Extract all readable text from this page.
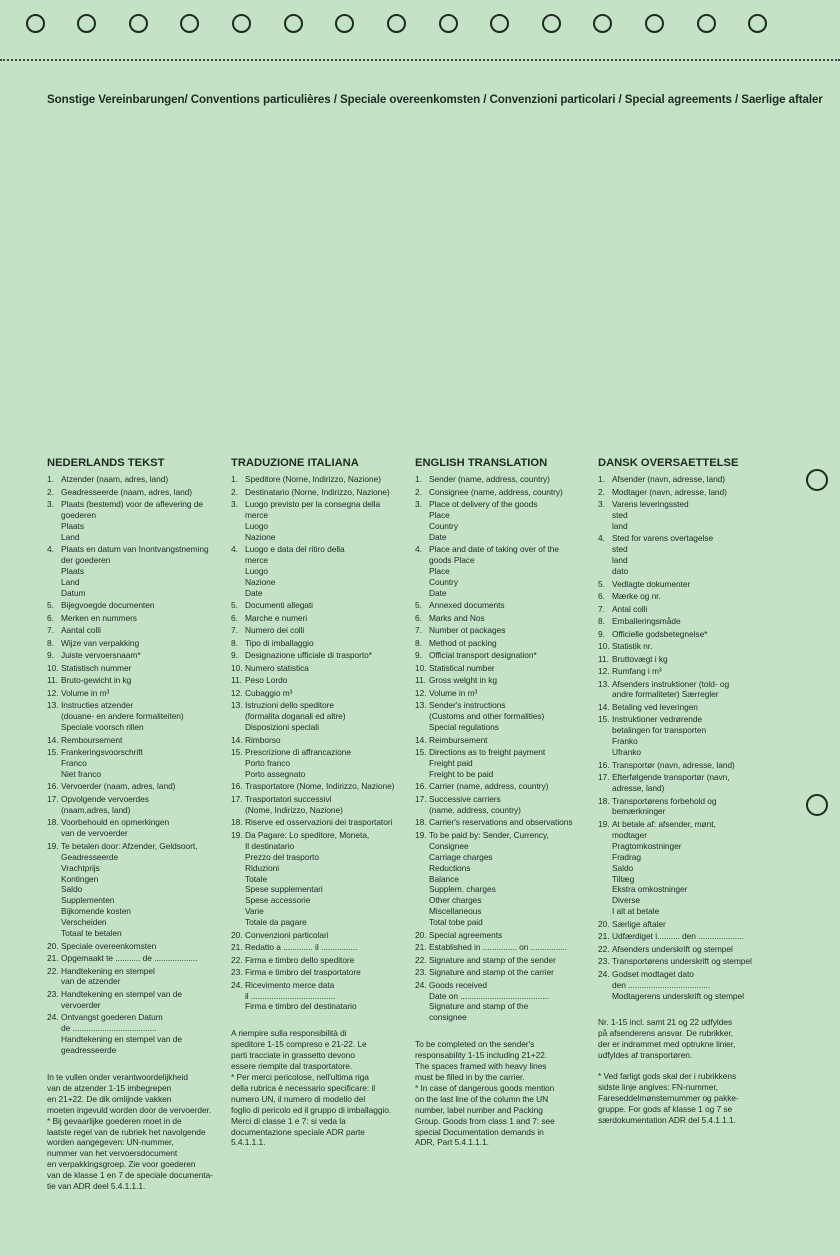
Sonstige Vereinbarungen/ Conventions particulières / Speciale overeenkomsten / Convenzioni particolari / Special agreements / Saerlige aftaler
NEDERLANDS TEKST
1. Atzender (naam, adres, land)
2. Geadresseerde (naam, adres, land)
3. Plaats (bestemd) voor de aflevering de
goederen
Plaats
Land
4. Plaats en datum van Inontvangstneming
der goederen
Plaats
Land
Datum
5. Bijegvoegde documenten
6. Merken en nummers
7. Aantal colli
8. Wijze van verpakking
9. Juiste vervoersnaam*
10. Statistisch nummer
11. Bruto-gewicht in kg
12. Volume in m³
13. Instructies atzender
(douane- en andere formaliteiten)
Speciale voorsch rillen
14. Remboursement
15. Frankeringsvoorschrift
Franco
Niet franco
16. Vervoerder (naam, adres, land)
17. Opvolgende vervoerdes
(naam,adres, land)
18. Voorbehould en opmerkingen
van de vervoerder
19. Te betalen door: Afzender, Geldsoort,
Geadresseerde
Vrachtprijs
Kontingen
Saldo
Supplementen
Bijkomende kosten
Verscheiden
Totaal te betalen
20. Speciale overeenkomsten
21. Opgemaakt te ........... de ...................
22. Handtekening en stempel
van de atzender
23. Handtekening en stempel van de
vervoerder
24. Ontvangst goederen Datum
de .....................................
Handtekening en stempel van de
geadresseerde
In te vullen onder verantwoordelijkheid
van de atzender 1-15 imbegrepen
en 21+22. De dik omlijnde vakken
moeten ingevuld worden door de vervoerder.
* Bij gevaarlijke goederen moet in de
laatste regel van de rubriek het navolgende
worden aangegeven: UN-nummer,
nummer van het vervoersdocument
en verpakkingsgroep. Zie voor goederen
van de klasse 1 en 7 de speciale documenta-
tie van ADR deel 5.4.1.1.1.
TRADUZIONE ITALIANA
1. Speditore (Norne, Indirizzo, Nazione)
2. Destinatario (Norne, Indirizzo, Nazione)
3. Luogo previsto per la consegna della
merce
Luogo
Nazione
4. Luogo e data del ritiro della
merce
Luogo
Nazione
Date
5. Documenti allegati
6. Marche e numeri
7. Numero dei colli
8. Tipo di imballaggio
9. Designazione ufficiale di trasporto*
10. Numero statistica
11. Peso Lordo
12. Cubaggio m³
13. Istruzioni dello speditore
(formalita doganali ed altre)
Disposizioni speclali
14. Rimborso
15. Prescrizione di affrancazione
Porto franco
Porto assegnato
16. Trasportatore (Nome, Indirizzo, Nazione)
17. Trasportatori successivi
(Nome, Indirizzo, Nazione)
18. Riserve ed osservazioni dei trasportatori
19. Da Pagare: Lo speditore, Moneta,
Il destinatario
Prezzo del trasporto
Riduzioni
Totale
Spese supplementari
Spese accessorie
Varie
Totale da pagare
20. Convenzioni particolari
21. Redatto a ............. il ................
22. Firma e timbro dello speditore
23. Firma e timbro del trasportatore
24. Ricevimento merce data
il .....................................
Firma e timbro del destinatario
A riempire sulla responsibilità di
speditore 1-15 compreso e 21-22. Le
parti tracciate in grassetto devono
essere riempite dal trasportatore.
* Per merci pericolose, nell'ultima riga
della rubrica è necessario specificare: il
numero UN, il numero di modello del
foglio di pericolo ed il gruppo di imballaggio.
Merci di classe 1 e 7: si veda la
documentazione speciale ADR parte
5.4.1.1.1.
ENGLISH TRANSLATION
1. Sender (name, address, country)
2. Consignee (name, address, country)
3. Place ot delivery of the goods
Place
Country
Date
4. Place and date of taking over of the
goods Place
Place
Country
Date
5. Annexed documents
6. Marks and Nos
7. Number ot packages
8. Method ot packing
9. Official transport designation*
10. Statistical number
11. Gross welght in kg
12. Volume in m³
13. Sender's instructions
(Customs and other formalities)
Special regulations
14. Reimbursement
15. Directions as to freight payment
Freight paid
Freight to be paid
16. Carrier (name, address, country)
17. Successive carriers
(name, address, country)
18. Carrier's reservations and observations
19. To be paid by: Sender, Currency,
Consignee
Carriage charges
Reductions
Balance
Supplem. charges
Other charges
Miscellaneous
Total tobe paid
20. Special agreements
21. Established in ............... on ................
22. Signature and stamp of the sender
23. Signature and stamp ot the carrier
24. Goods received
Date on .......................................
Signature and stamp of the
consignee
To be completed on the sender's
responsability 1-15 including 21+22.
The spaces framed with heavy lines
must be filled in by the carrier.
* In case of dangerous goods mention
on the last line of the column the UN
number, label number and Packing
Group. Goods from class 1 and 7: see
special Documentation demands in
ADR, Part 5.4.1.1.1.
DANSK OVERSAETTELSE
1. Afsender (navn, adresse, land)
2. Modtager (navn, adresse, land)
3. Varens leveringssted
sted
land
4. Sted for varens overtagelse
sted
land
dato
5. Vedlagte dokumenter
6. Mærke og nr.
7. Antal colli
8. Emballeringsmåde
9. Officielle godsbetegnelse*
10. Statistik nr.
11. Bruttovægt i kg
12. Rumfang i m³
13. Afsenders instruktioner (told- og
andre formaliteter) Særregler
14. Betaling ved leveringen
15. Instruktioner vedrørende
betalingen for transporten
Franko
Ufranko
16. Transportør (navn, adresse, land)
17. Efterfølgende transportør (navn,
adresse, land)
18. Transportørens forbehold og
bemærkninger
19. At betale af: afsender, mønt,
modtager
Pragtomkostninger
Fradrag
Saldo
Tillæg
Ekstra omkostninger
Diverse
I alt at betale
20. Særlige aftaler
21. Udfærdiget i.......... den ....................
22. Afsenders underskrift og stempel
23. Transportørens underskrift og stempel
24. Godset modtaget dato
den ....................................
Modtagerens underskrift og stempel
Nr. 1-15 incl. samt 21 og 22 udfyldes
på afsenderens ansvar. De rubrikker,
der er indrammet med optrukne linier,
udfyldes af transportøren.
* Ved farligt gods skal der i rubrikkens
sidste linje angives: FN-nummer,
Fareseddelmønsternummer og pakke-
gruppe. For gods af klasse 1 og 7 se
særdokumentation ADR del 5.4.1.1.1.
